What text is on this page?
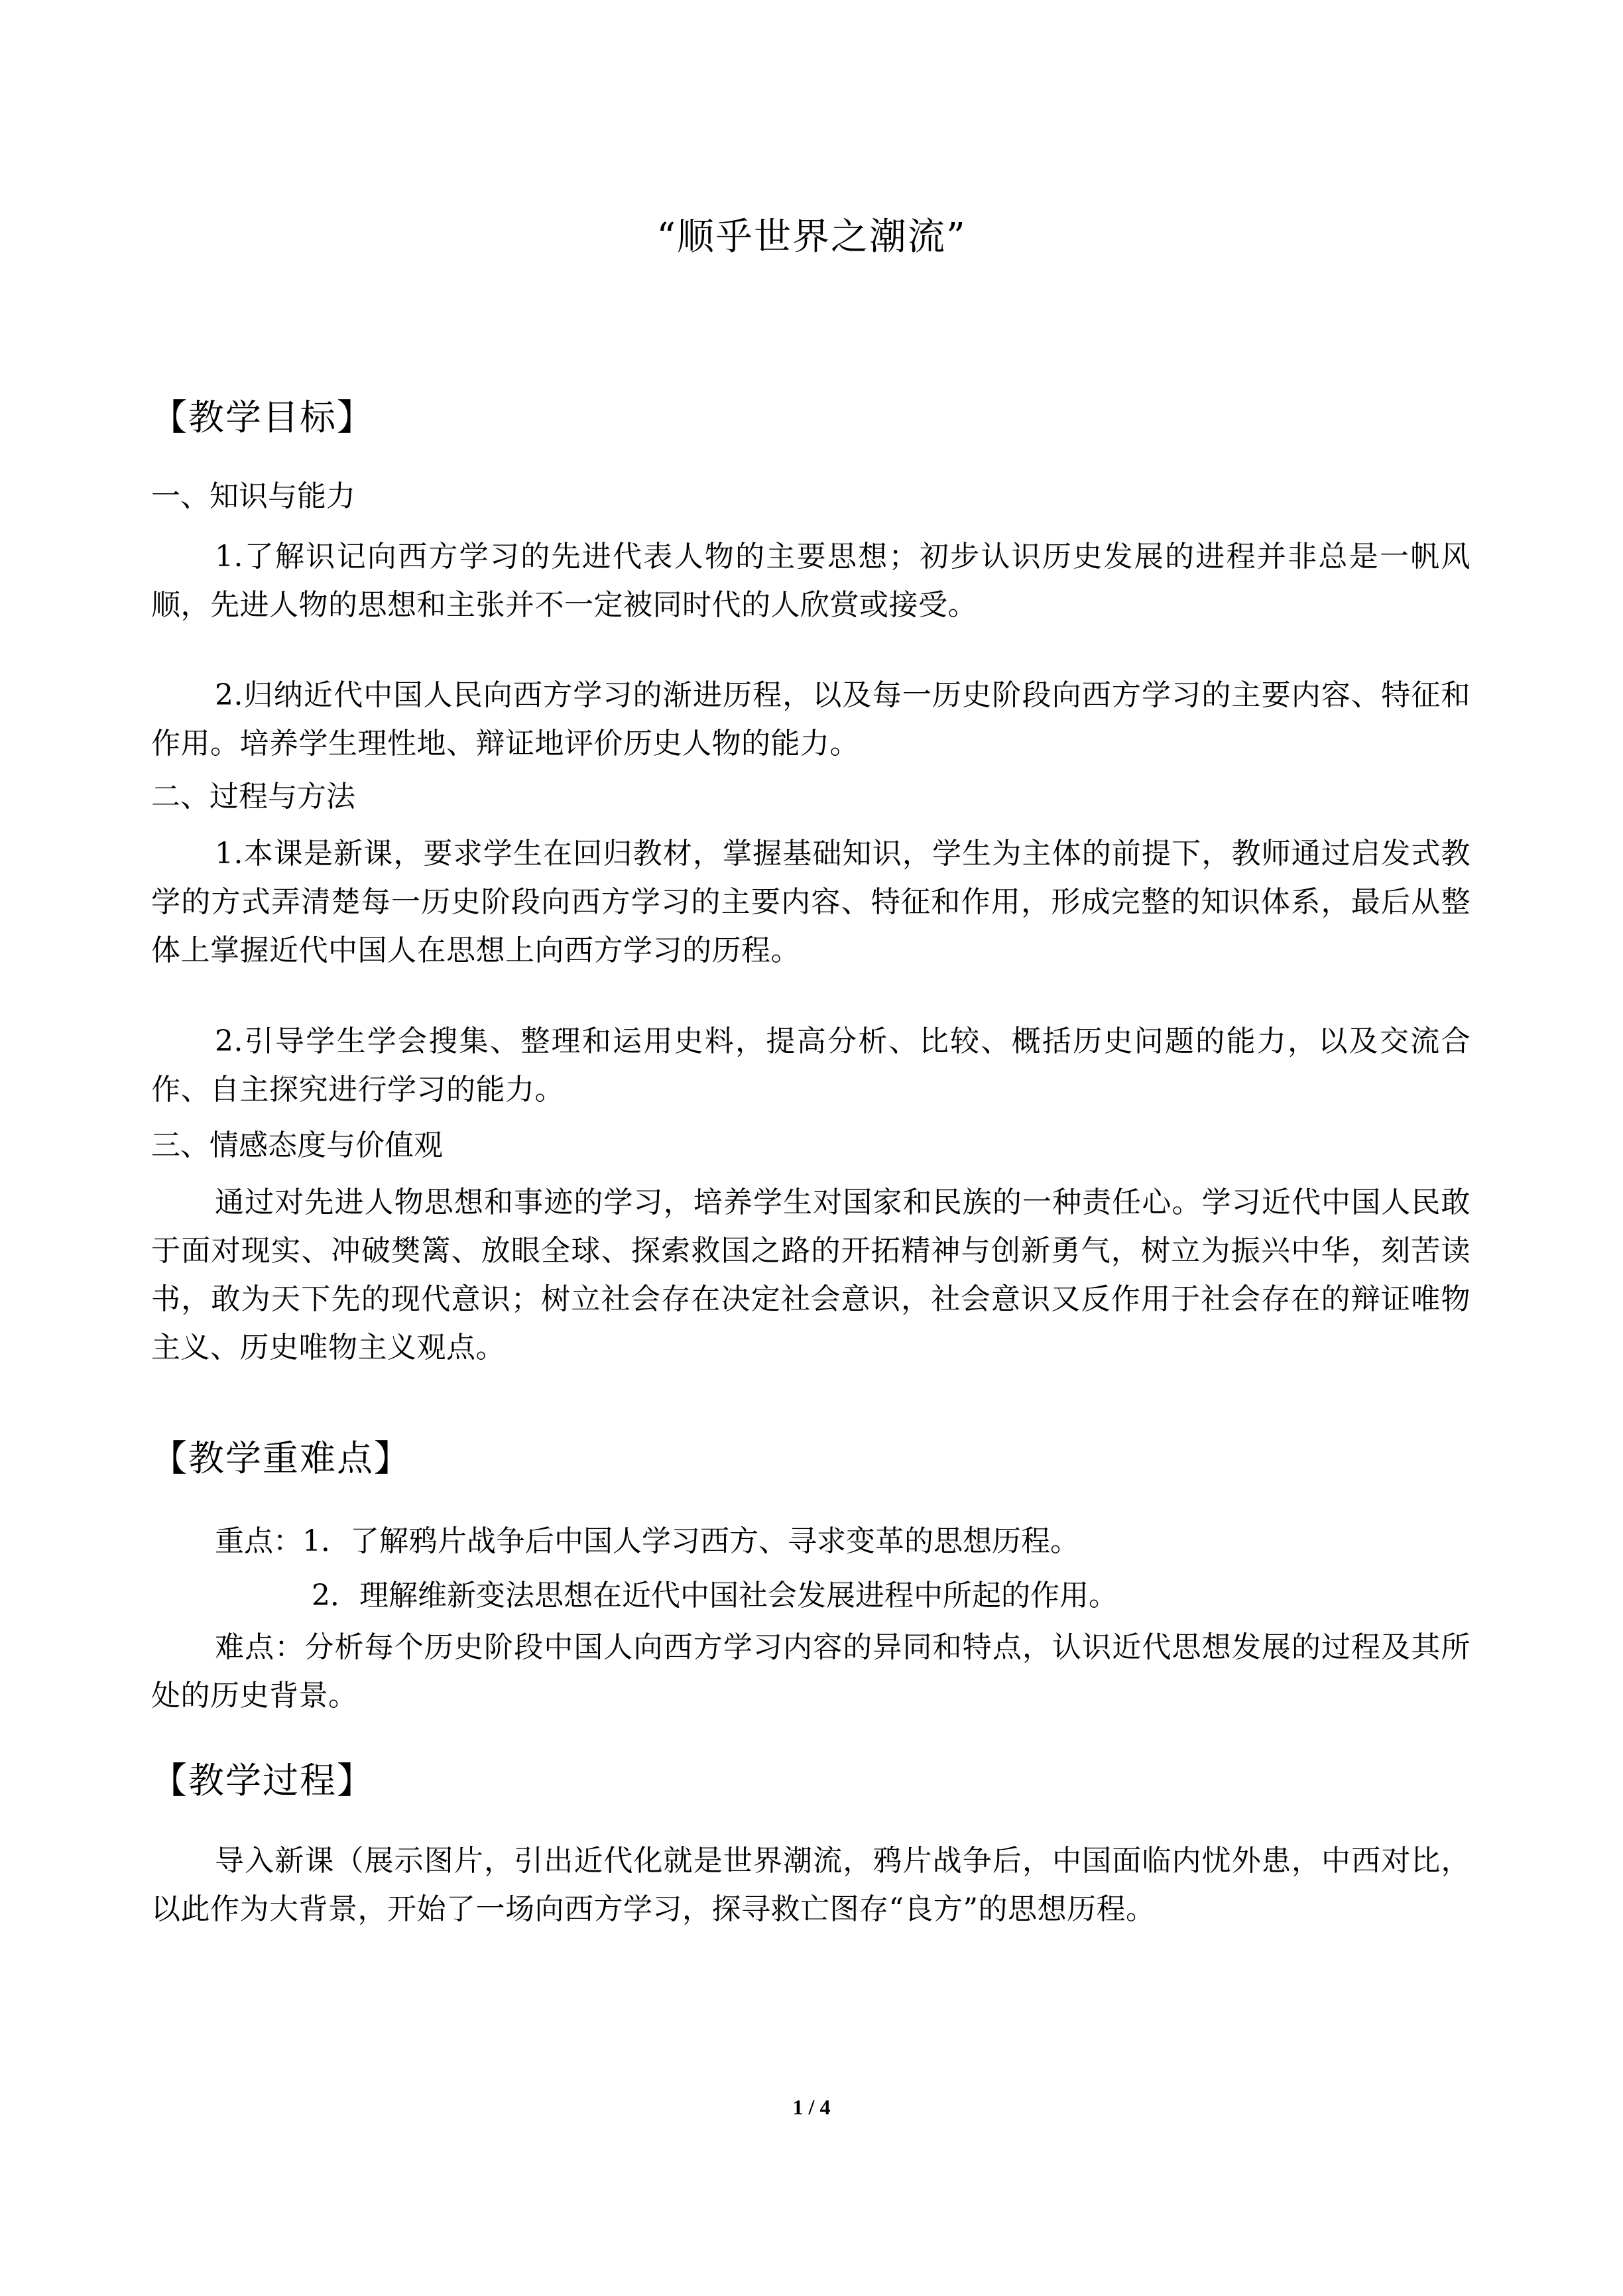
“顺乎世界之潮流”
【教学目标】
一、知识与能力
1.了解识记向西方学习的先进代表人物的主要思想；初步认识历史发展的进程并非总是一帆风顺，先进人物的思想和主张并不一定被同时代的人欣赏或接受。
2.归纳近代中国人民向西方学习的渐进历程，以及每一历史阶段向西方学习的主要内容、特征和作用。培养学生理性地、辩证地评价历史人物的能力。
二、过程与方法
1.本课是新课，要求学生在回归教材，掌握基础知识，学生为主体的前提下，教师通过启发式教学的方式弄清楚每一历史阶段向西方学习的主要内容、特征和作用，形成完整的知识体系，最后从整体上掌握近代中国人在思想上向西方学习的历程。
2.引导学生学会搜集、整理和运用史料，提高分析、比较、概括历史问题的能力，以及交流合作、自主探究进行学习的能力。
三、情感态度与价值观
通过对先进人物思想和事迹的学习，培养学生对国家和民族的一种责任心。学习近代中国人民敢于面对现实、冲破樊篱、放眼全球、探索救国之路的开拓精神与创新勇气，树立为振兴中华，刻苦读书，敢为天下先的现代意识；树立社会存在决定社会意识，社会意识又反作用于社会存在的辩证唯物主义、历史唯物主义观点。
【教学重难点】
重点：1．了解鸦片战争后中国人学习西方、寻求变革的思想历程。
2．理解维新变法思想在近代中国社会发展进程中所起的作用。
难点：分析每个历史阶段中国人向西方学习内容的异同和特点，认识近代思想发展的过程及其所处的历史背景。
【教学过程】
导入新课（展示图片，引出近代化就是世界潮流，鸦片战争后，中国面临内忧外患，中西对比，以此作为大背景，开始了一场向西方学习，探寻救亡图存“良方”的思想历程。
1 / 4
